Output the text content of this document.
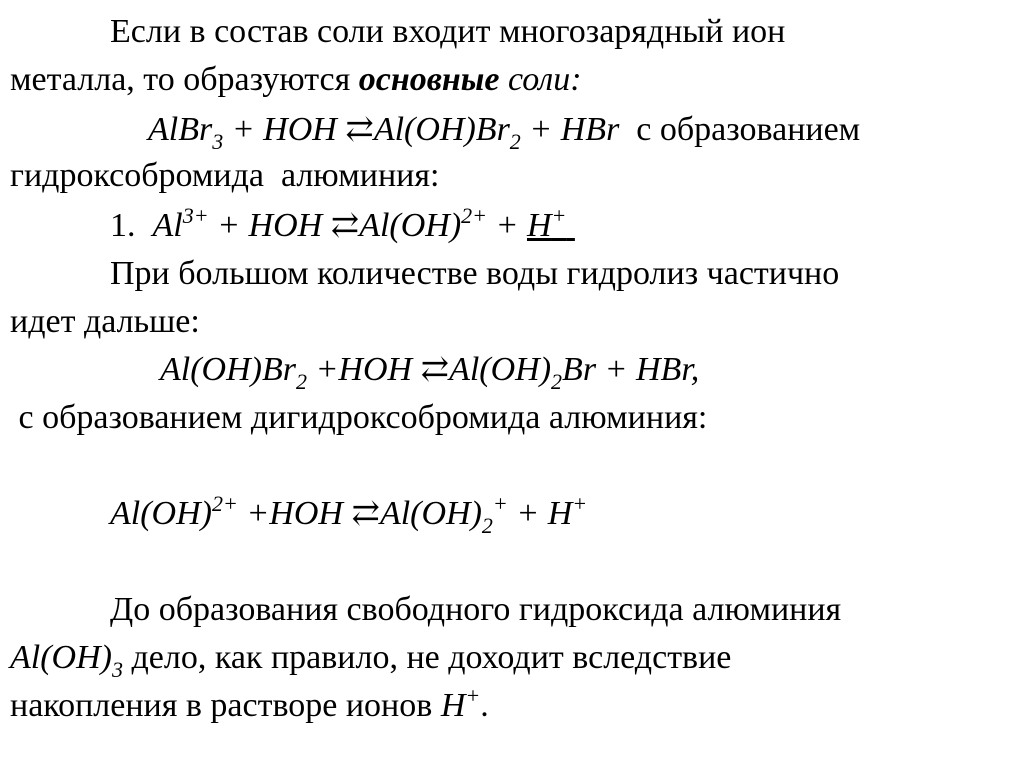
Если в состав соли входит многозарядный ион
металла, то образуются основные соли:
AlBr$_3$ + HOH $⇄Al(OH)Br_2$ + HBr  с образованием
гидроксобромида  алюминия:
1.  $Al^{3+}$ + HOH ⇄Al(OH)$^{2+}$ + H+
При большом количестве воды гидролиз частично
идет дальше:
$Al(OH)Br_2 +HOH$ $⇄Al(OH)_2Br$ + HBr,
с образованием дигидроксобромида алюминия:
Al(OH)$^{2+}$ +HOH $⇄Al(OH)_2^+ + H^+$
До образования свободного гидроксида алюминия
$Al(OH)_3$ дело, как правило, не доходит вследствие
накопления в растворе ионов H+.
